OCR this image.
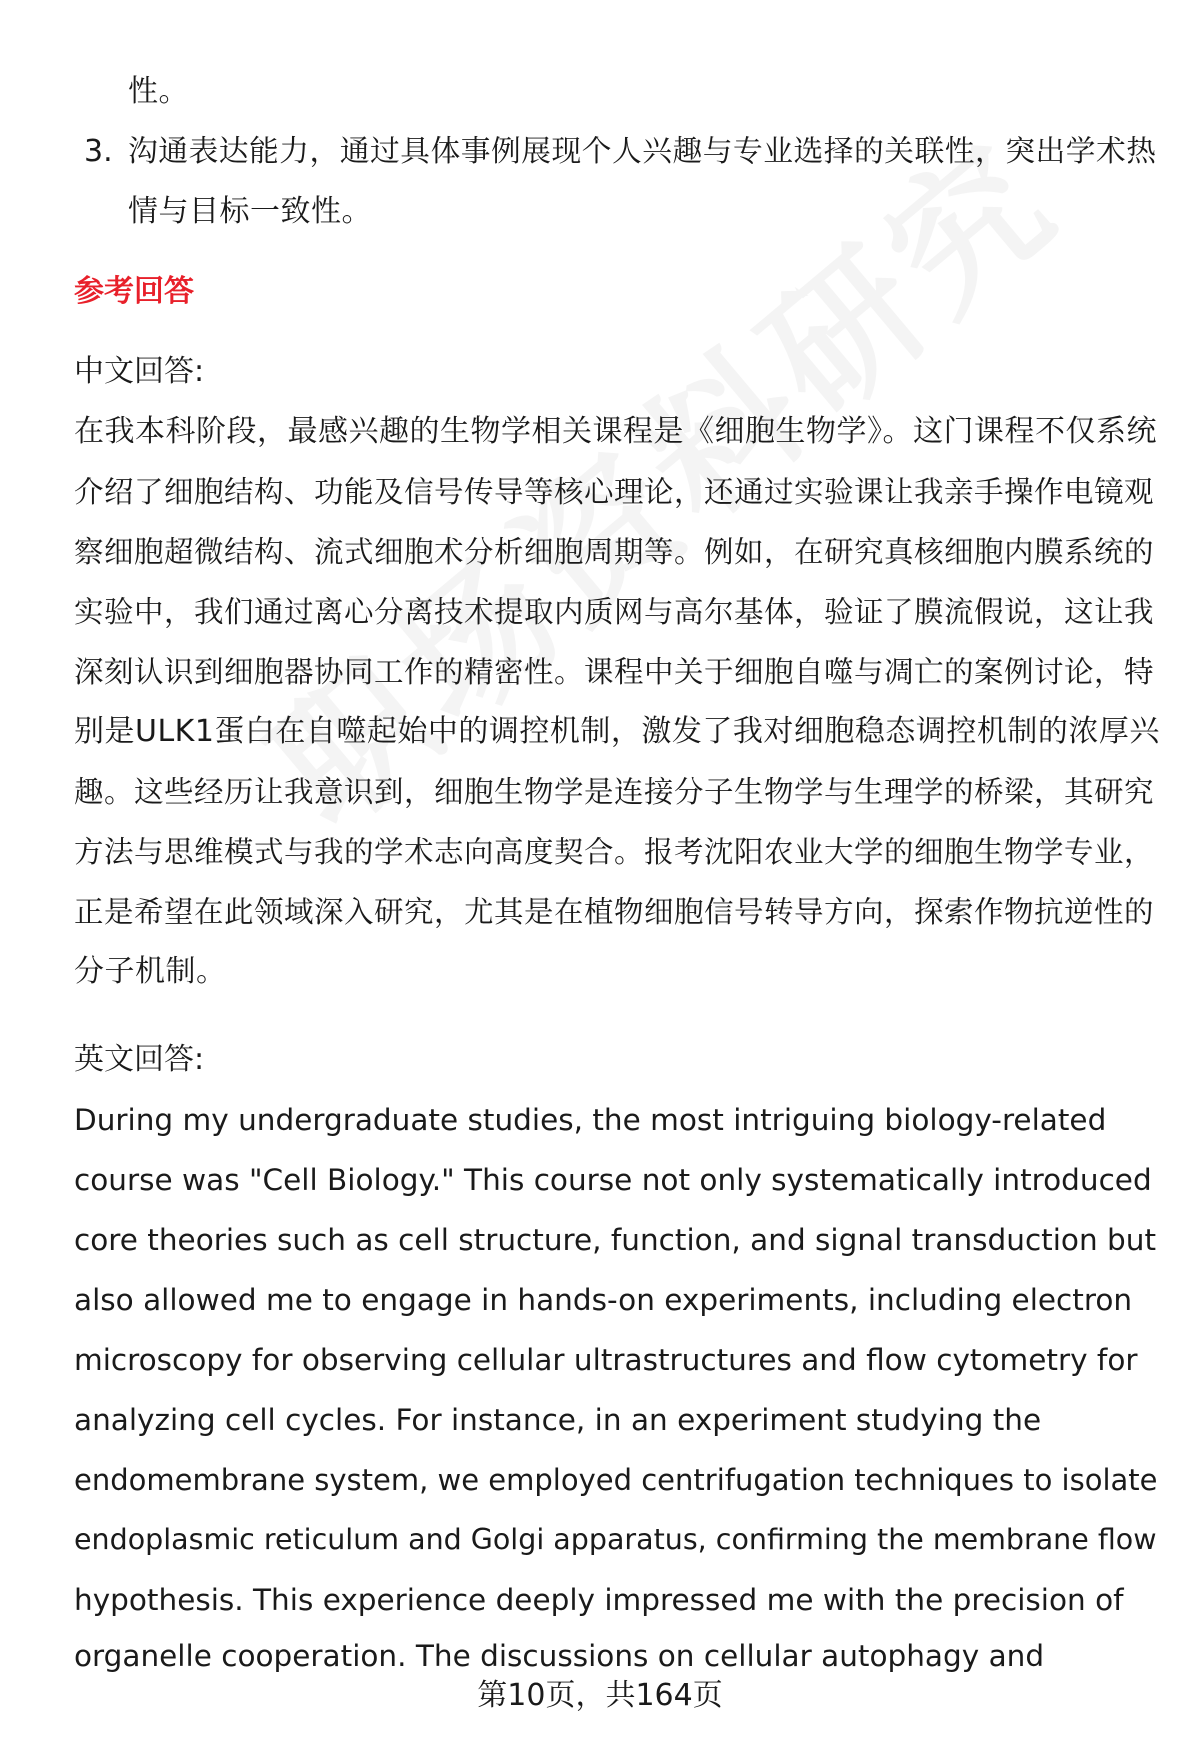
性。
3. 沟通表达能力，通过具体事例展现个人兴趣与专业选择的关联性，突出学术热
情与目标一致性。
参考回答
中文回答:
在我本科阶段，最感兴趣的生物学相关课程是《细胞生物学》。这门课程不仅系统
介绍了细胞结构、功能及信号传导等核心理论，还通过实验课让我亲手操作电镜观
察细胞超微结构、流式细胞术分析细胞周期等。例如，在研究真核细胞内膜系统的
实验中，我们通过离心分离技术提取内质网与高尔基体，验证了膜流假说，这让我
深刻认识到细胞器协同工作的精密性。课程中关于细胞自噬与凋亡的案例讨论，特
别是ULK1蛋白在自噬起始中的调控机制，激发了我对细胞稳态调控机制的浓厚兴
趣。这些经历让我意识到，细胞生物学是连接分子生物学与生理学的桥梁，其研究
方法与思维模式与我的学术志向高度契合。报考沈阳农业大学的细胞生物学专业，
正是希望在此领域深入研究，尤其是在植物细胞信号转导方向，探索作物抗逆性的
分子机制。
英文回答:
During my undergraduate studies, the most intriguing biology-related
course was "Cell Biology." This course not only systematically introduced
core theories such as cell structure, function, and signal transduction but
also allowed me to engage in hands-on experiments, including electron
microscopy for observing cellular ultrastructures and flow cytometry for
analyzing cell cycles. For instance, in an experiment studying the
endomembrane system, we employed centrifugation techniques to isolate
endoplasmic reticulum and Golgi apparatus, confirming the membrane flow
hypothesis. This experience deeply impressed me with the precision of
organelle cooperation. The discussions on cellular autophagy and
第10页，共164页
